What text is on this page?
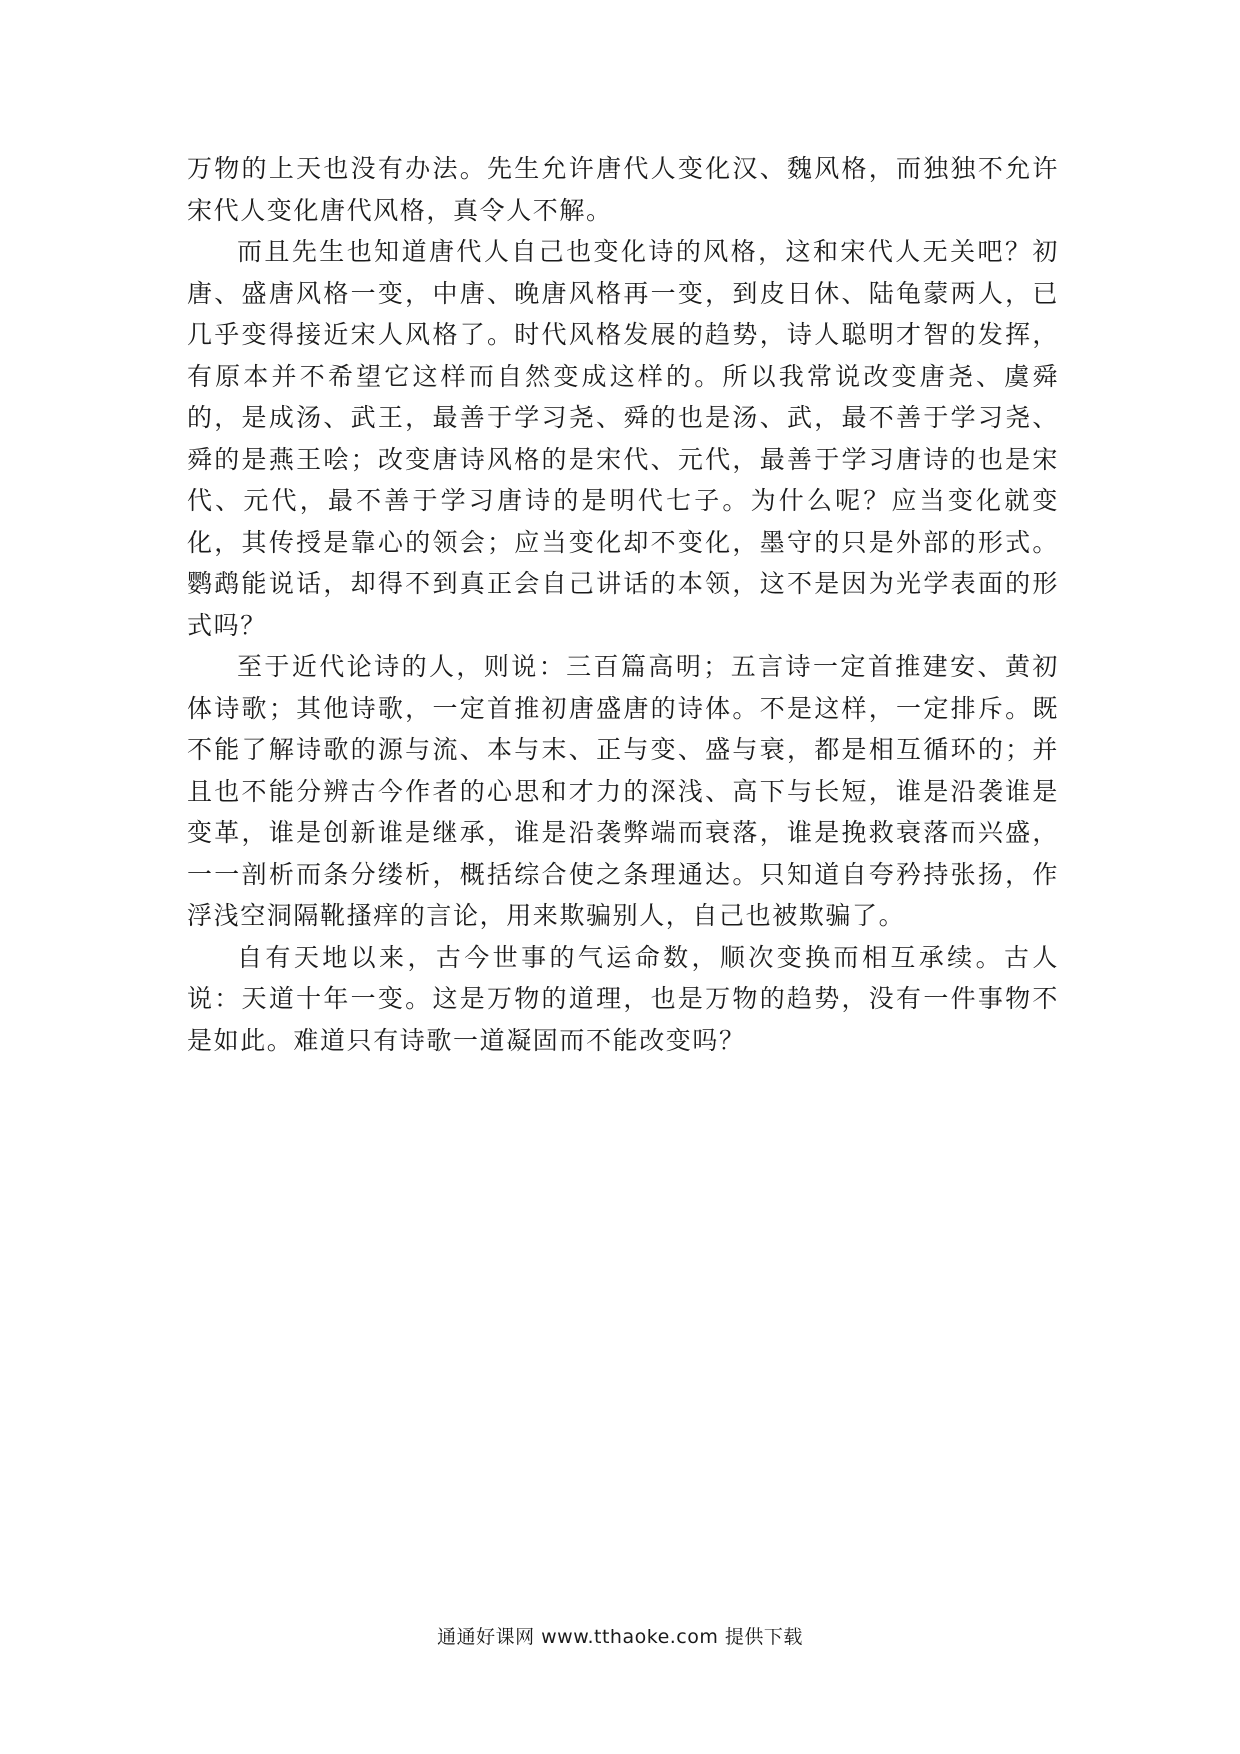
万物的上天也没有办法。先生允许唐代人变化汉、魏风格，而独独不允许宋代人变化唐代风格，真令人不解。

而且先生也知道唐代人自己也变化诗的风格，这和宋代人无关吧？初唐、盛唐风格一变，中唐、晚唐风格再一变，到皮日休、陆龟蒙两人，已几乎变得接近宋人风格了。时代风格发展的趋势，诗人聪明才智的发挥，有原本并不希望它这样而自然变成这样的。所以我常说改变唐尧、虞舜的，是成汤、武王，最善于学习尧、舜的也是汤、武，最不善于学习尧、舜的是燕王哙；改变唐诗风格的是宋代、元代，最善于学习唐诗的也是宋代、元代，最不善于学习唐诗的是明代七子。为什么呢？应当变化就变化，其传授是靠心的领会；应当变化却不变化，墨守的只是外部的形式。鹦鹉能说话，却得不到真正会自己讲话的本领，这不是因为光学表面的形式吗？

至于近代论诗的人，则说：三百篇高明；五言诗一定首推建安、黄初体诗歌；其他诗歌，一定首推初唐盛唐的诗体。不是这样，一定排斥。既不能了解诗歌的源与流、本与末、正与变、盛与衰，都是相互循环的；并且也不能分辨古今作者的心思和才力的深浅、高下与长短，谁是沿袭谁是变革，谁是创新谁是继承，谁是沿袭弊端而衰落，谁是挽救衰落而兴盛，一一剖析而条分缕析，概括综合使之条理通达。只知道自夸矜持张扬，作浮浅空洞隔靴搔痒的言论，用来欺骗别人，自己也被欺骗了。

自有天地以来，古今世事的气运命数，顺次变换而相互承续。古人说：天道十年一变。这是万物的道理，也是万物的趋势，没有一件事物不是如此。难道只有诗歌一道凝固而不能改变吗？

通通好课网 www.tthaoke.com 提供下载
